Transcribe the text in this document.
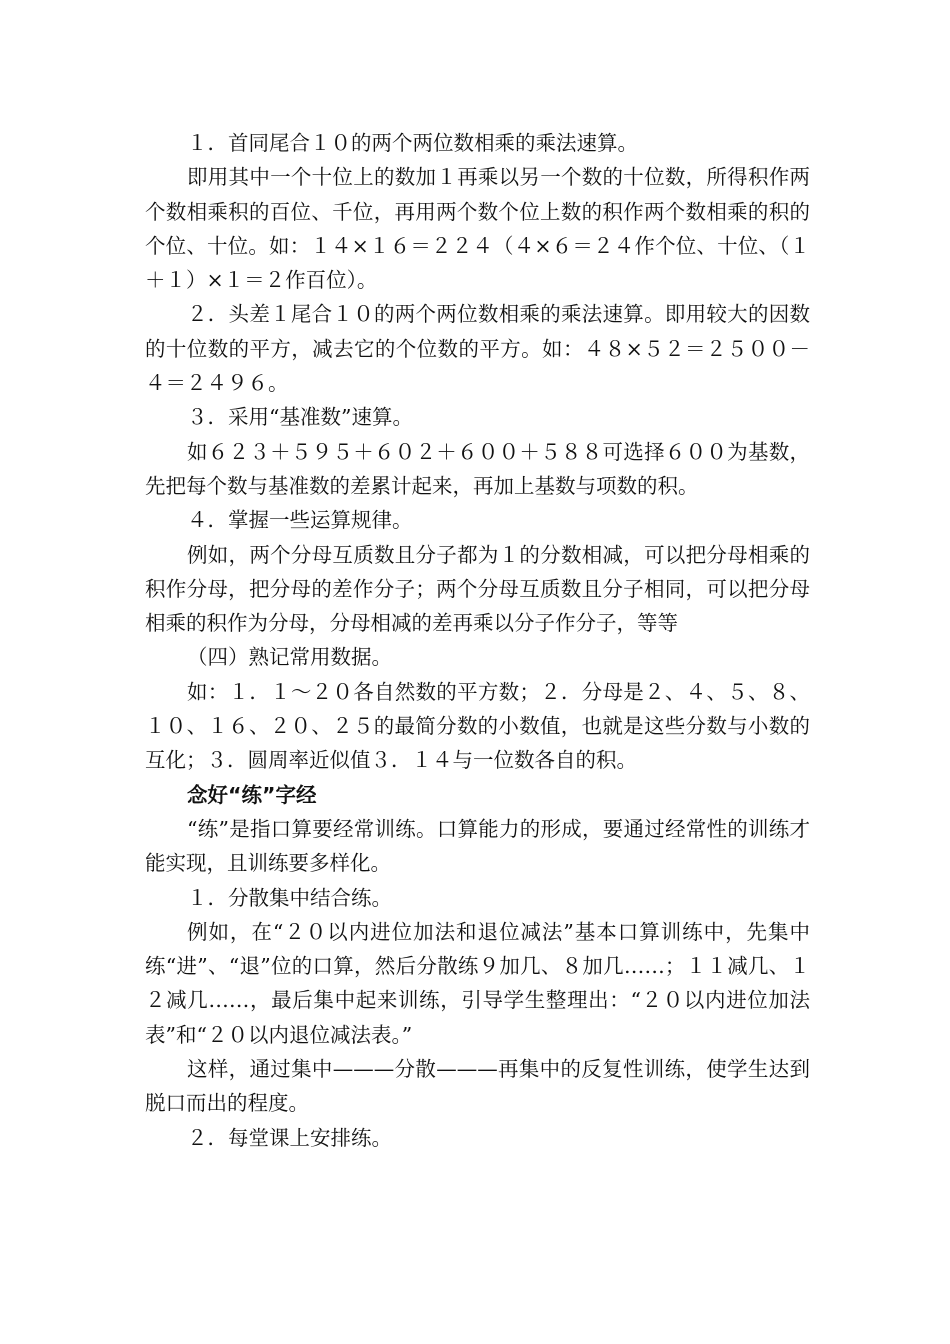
１．首同尾合１０的两个两位数相乘的乘法速算。

即用其中一个十位上的数加１再乘以另一个数的十位数，所得积作两个数相乘积的百位、千位，再用两个数个位上数的积作两个数相乘的积的个位、十位。如：１４×１６＝２２４（４×６＝２４作个位、十位、（１＋１）×１＝２作百位）。

２．头差１尾合１０的两个两位数相乘的乘法速算。即用较大的因数的十位数的平方，减去它的个位数的平方。如：４８×５２＝２５００－４＝２４９６。

３．采用“基准数”速算。

如６２３＋５９５＋６０２＋６００＋５８８可选择６００为基数，先把每个数与基准数的差累计起来，再加上基数与项数的积。

４．掌握一些运算规律。

例如，两个分母互质数且分子都为１的分数相减，可以把分母相乘的积作分母，把分母的差作分子；两个分母互质数且分子相同，可以把分母相乘的积作为分母，分母相减的差再乘以分子作分子，等等

（四）熟记常用数据。

如：１．１～２０各自然数的平方数；２．分母是２、４、５、８、１０、１６、２０、２５的最简分数的小数值，也就是这些分数与小数的互化；３．圆周率近似值３．１４与一位数各自的积。

念好“练”字经

“练”是指口算要经常训练。口算能力的形成，要通过经常性的训练才能实现，且训练要多样化。

１．分散集中结合练。

例如，在“２０以内进位加法和退位减法”基本口算训练中，先集中练“进”、“退”位的口算，然后分散练９加几、８加几……；１１减几、１２减几……，最后集中起来训练，引导学生整理出：“２０以内进位加法表”和“２０以内退位减法表。”

这样，通过集中———分散———再集中的反复性训练，使学生达到脱口而出的程度。

２．每堂课上安排练。
